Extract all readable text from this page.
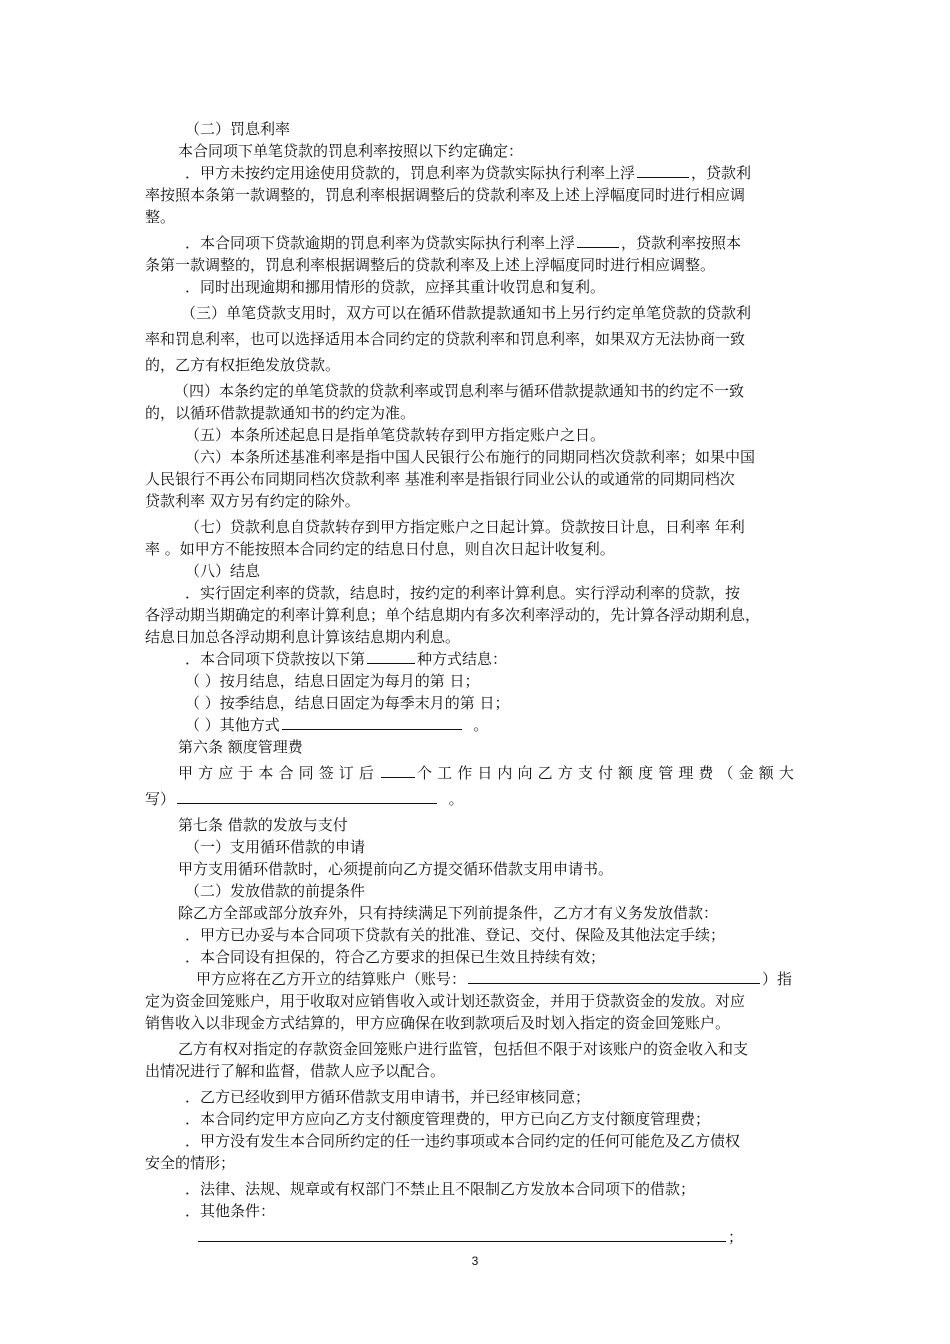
（二）罚息利率
本合同项下单笔贷款的罚息利率按照以下约定确定：
．甲方未按约定用途使用贷款的，罚息利率为贷款实际执行利率上浮	，贷款利
率按照本条第一款调整的，罚息利率根据调整后的贷款利率及上述上浮幅度同时进行相应调
整。
．本合同项下贷款逾期的罚息利率为贷款实际执行利率上浮	，贷款利率按照本
条第一款调整的，罚息利率根据调整后的贷款利率及上述上浮幅度同时进行相应调整。
．同时出现逾期和挪用情形的贷款，应择其重计收罚息和复利。
（三）单笔贷款支用时，双方可以在循环借款提款通知书上另行约定单笔贷款的贷款利
率和罚息利率，也可以选择适用本合同约定的贷款利率和罚息利率，如果双方无法协商一致
的，乙方有权拒绝发放贷款。
（四）本条约定的单笔贷款的贷款利率或罚息利率与循环借款提款通知书的约定不一致
的，以循环借款提款通知书的约定为准。
（五）本条所述起息日是指单笔贷款转存到甲方指定账户之日。
（六）本条所述基准利率是指中国人民银行公布施行的同期同档次贷款利率；如果中国
人民银行不再公布同期同档次贷款利率 基准利率是指银行同业公认的或通常的同期同档次
贷款利率 双方另有约定的除外。
（七）贷款利息自贷款转存到甲方指定账户之日起计算。贷款按日计息，日利率 年利
率 。如甲方不能按照本合同约定的结息日付息，则自次日起计收复利。
（八）结息
．实行固定利率的贷款，结息时，按约定的利率计算利息。实行浮动利率的贷款，按
各浮动期当期确定的利率计算利息；单个结息期内有多次利率浮动的，先计算各浮动期利息，
结息日加总各浮动期利息计算该结息期内利息。
．本合同项下贷款按以下第	种方式结息：
（ ）按月结息，结息日固定为每月的第 日；
（ ）按季结息，结息日固定为每季末月的第 日；
（ ）其他方式	。
第六条 额度管理费
甲方应于本合同签订后	个工作日内向乙方支付额度管理费（金额大
写）	。
第七条 借款的发放与支付
（一）支用循环借款的申请
甲方支用循环借款时，心须提前向乙方提交循环借款支用申请书。
（二）发放借款的前提条件
除乙方全部或部分放弃外，只有持续满足下列前提条件，乙方才有义务发放借款：
．甲方已办妥与本合同项下贷款有关的批准、登记、交付、保险及其他法定手续；
．本合同设有担保的，符合乙方要求的担保已生效且持续有效；
甲方应将在乙方开立的结算账户（账号：	）指
定为资金回笼账户，用于收取对应销售收入或计划还款资金，并用于贷款资金的发放。对应
销售收入以非现金方式结算的，甲方应确保在收到款项后及时划入指定的资金回笼账户。
乙方有权对指定的存款资金回笼账户进行监管，包括但不限于对该账户的资金收入和支
出情况进行了解和监督，借款人应予以配合。
．乙方已经收到甲方循环借款支用申请书，并已经审核同意；
．本合同约定甲方应向乙方支付额度管理费的，甲方已向乙方支付额度管理费；
．甲方没有发生本合同所约定的任一违约事项或本合同约定的任何可能危及乙方债权
安全的情形；
．法律、法规、规章或有权部门不禁止且不限制乙方发放本合同项下的借款；
．其他条件：
；
3
